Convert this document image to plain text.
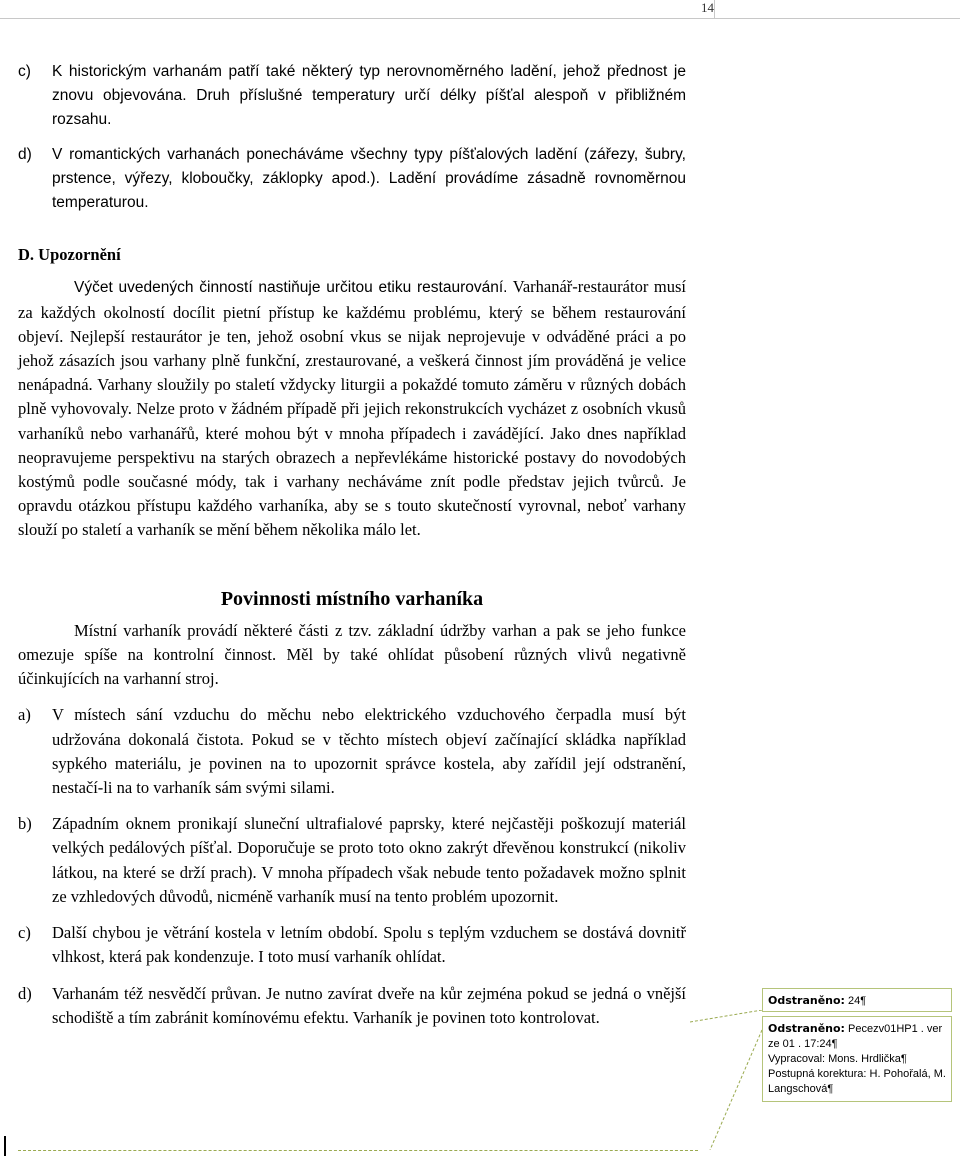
14
c)	K historickým varhanám patří také některý typ nerovnoměrného ladění, jehož přednost je znovu objevována. Druh příslušné temperatury určí délky píšťal alespoň v přibližném rozsahu.
d)	V romantických varhanách ponecháváme všechny typy píšťalových ladění (zářezy, šubry, prstence, výřezy, kloboučky, záklopky apod.). Ladění provádíme zásadně rovnoměrnou temperaturou.
D. Upozornění
Výčet uvedených činností nastiňuje určitou etiku restaurování. Varhanář-restaurátor musí za každých okolností docílit pietní přístup ke každému problému, který se během restaurování objeví. Nejlepší restaurátor je ten, jehož osobní vkus se nijak neprojevuje v odváděné práci a po jehož zásazích jsou varhany plně funkční, zrestaurované, a veškerá činnost jím prováděná je velice nenápadná. Varhany sloužily po staletí vždycky liturgii a pokaždé tomuto záměru v různých dobách plně vyhovovaly. Nelze proto v žádném případě při jejich rekonstrukcích vycházet z osobních vkusů varhaníků nebo varhanářů, které mohou být v mnoha případech i zavádějící. Jako dnes například neopravujeme perspektivu na starých obrazech a nepřevlékáme historické postavy do novodobých kostýmů podle současné módy, tak i varhany necháváme znít podle představ jejich tvůrců. Je opravdu otázkou přístupu každého varhaníka, aby se s touto skutečností vyrovnal, neboť varhany slouží po staletí a varhaník se mění během několika málo let.
Povinnosti místního varhaníka
Místní varhaník provádí některé části z tzv. základní údržby varhan a pak se jeho funkce omezuje spíše na kontrolní činnost. Měl by také ohlídat působení různých vlivů negativně účinkujících na varhanní stroj.
a)	V místech sání vzduchu do měchu nebo elektrického vzduchového čerpadla musí být udržována dokonalá čistota. Pokud se v těchto místech objeví začínající skládka například sypkého materiálu, je povinen na to upozornit správce kostela, aby zařídil její odstranění, nestačí-li na to varhaník sám svými silami.
b)	Západním oknem pronikají sluneční ultrafialové paprsky, které nejčastěji poškozují materiál velkých pedálových píšťal. Doporučuje se proto toto okno zakrýt dřevěnou konstrukcí (nikoliv látkou, na které se drží prach). V mnoha případech však nebude tento požadavek možno splnit ze vzhledových důvodů, nicméně varhaník musí na tento problém upozornit.
c)	Další chybou je větrání kostela v letním období. Spolu s teplým vzduchem se dostává dovnitř vlhkost, která pak kondenzuje. I toto musí varhaník ohlídat.
d)	Varhanám též nesvědčí průvan. Je nutno zavírat dveře na kůr zejména pokud se jedná o vnější schodiště a tím zabránit komínovému efektu. Varhaník je povinen toto kontrolovat.
Odstraněno: 24¶
Odstraněno: Pecezv01HP1 . ver ze 01 . 17:24¶
Vypracoval: Mons. Hrdlička¶
Postupná korektura: H. Pohořalá, M. Langschová¶
